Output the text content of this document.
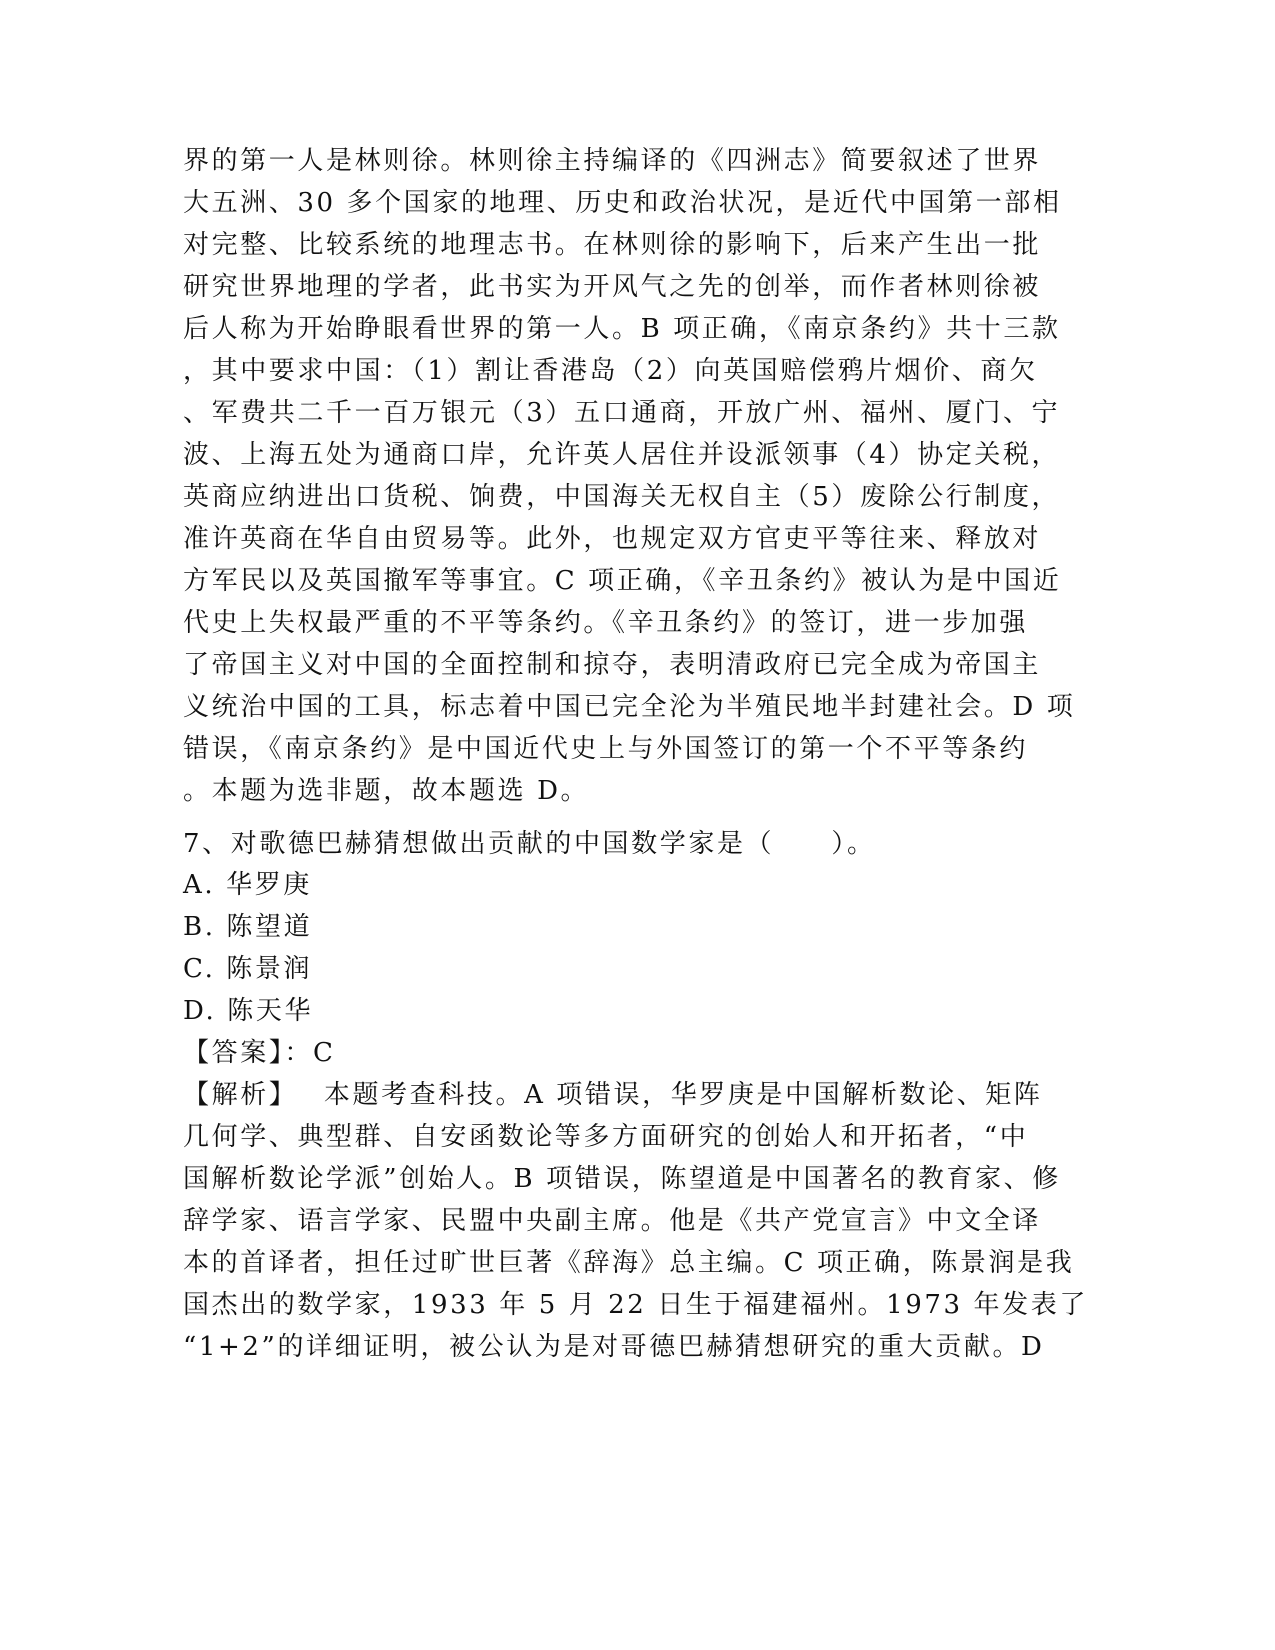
界的第一人是林则徐。林则徐主持编译的《四洲志》简要叙述了世界
大五洲、30 多个国家的地理、历史和政治状况，是近代中国第一部相
对完整、比较系统的地理志书。在林则徐的影响下，后来产生出一批
研究世界地理的学者，此书实为开风气之先的创举，而作者林则徐被
后人称为开始睁眼看世界的第一人。B 项正确，《南京条约》共十三款
，其中要求中国：（1）割让香港岛（2）向英国赔偿鸦片烟价、商欠
、军费共二千一百万银元（3）五口通商，开放广州、福州、厦门、宁
波、上海五处为通商口岸，允许英人居住并设派领事（4）协定关税，
英商应纳进出口货税、饷费，中国海关无权自主（5）废除公行制度，
准许英商在华自由贸易等。此外，也规定双方官吏平等往来、释放对
方军民以及英国撤军等事宜。C 项正确，《辛丑条约》被认为是中国近
代史上失权最严重的不平等条约。《辛丑条约》的签订，进一步加强
了帝国主义对中国的全面控制和掠夺，表明清政府已完全成为帝国主
义统治中国的工具，标志着中国已完全沦为半殖民地半封建社会。D 项
错误，《南京条约》是中国近代史上与外国签订的第一个不平等条约
。本题为选非题，故本题选 D。
7、对歌德巴赫猜想做出贡献的中国数学家是（　　）。
A. 华罗庚
B. 陈望道
C. 陈景润
D. 陈天华
【答案】：C
【解析】　 本题考查科技。A 项错误，华罗庚是中国解析数论、矩阵
几何学、典型群、自安函数论等多方面研究的创始人和开拓者，“中
国解析数论学派”创始人。B 项错误，陈望道是中国著名的教育家、修
辞学家、语言学家、民盟中央副主席。他是《共产党宣言》中文全译
本的首译者，担任过旷世巨著《辞海》总主编。C 项正确，陈景润是我
国杰出的数学家，1933 年 5 月 22 日生于福建福州。1973 年发表了
“1+2”的详细证明，被公认为是对哥德巴赫猜想研究的重大贡献。D
